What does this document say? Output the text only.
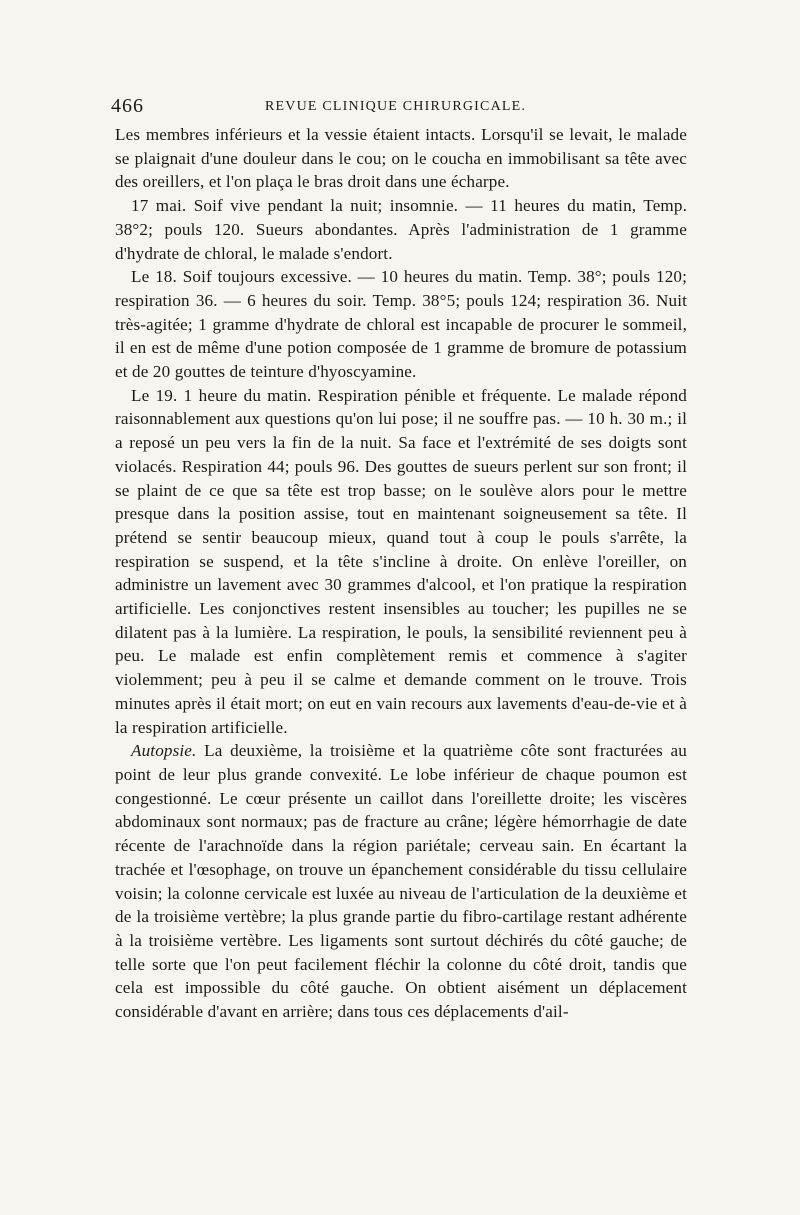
466	REVUE CLINIQUE CHIRURGICALE.

Les membres inférieurs et la vessie étaient intacts. Lorsqu'il se levait, le malade se plaignait d'une douleur dans le cou; on le coucha en immobilisant sa tête avec des oreillers, et l'on plaça le bras droit dans une écharpe.

17 mai. Soif vive pendant la nuit; insomnie. — 11 heures du matin, Temp. 38°2; pouls 120. Sueurs abondantes. Après l'administration de 1 gramme d'hydrate de chloral, le malade s'endort.

Le 18. Soif toujours excessive. — 10 heures du matin. Temp. 38°; pouls 120; respiration 36. — 6 heures du soir. Temp. 38°5; pouls 124; respiration 36. Nuit très-agitée; 1 gramme d'hydrate de chloral est incapable de procurer le sommeil, il en est de même d'une potion composée de 1 gramme de bromure de potassium et de 20 gouttes de teinture d'hyoscyamine.

Le 19. 1 heure du matin. Respiration pénible et fréquente. Le malade répond raisonnablement aux questions qu'on lui pose; il ne souffre pas. — 10 h. 30 m.; il a reposé un peu vers la fin de la nuit. Sa face et l'extrémité de ses doigts sont violacés. Respiration 44; pouls 96. Des gouttes de sueurs perlent sur son front; il se plaint de ce que sa tête est trop basse; on le soulève alors pour le mettre presque dans la position assise, tout en maintenant soigneusement sa tête. Il prétend se sentir beaucoup mieux, quand tout à coup le pouls s'arrête, la respiration se suspend, et la tête s'incline à droite. On enlève l'oreiller, on administre un lavement avec 30 grammes d'alcool, et l'on pratique la respiration artificielle. Les conjonctives restent insensibles au toucher; les pupilles ne se dilatent pas à la lumière. La respiration, le pouls, la sensibilité reviennent peu à peu. Le malade est enfin complètement remis et commence à s'agiter violemment; peu à peu il se calme et demande comment on le trouve. Trois minutes après il était mort; on eut en vain recours aux lavements d'eau-de-vie et à la respiration artificielle.

Autopsie. La deuxième, la troisième et la quatrième côte sont fracturées au point de leur plus grande convexité. Le lobe inférieur de chaque poumon est congestionné. Le cœur présente un caillot dans l'oreillette droite; les viscères abdominaux sont normaux; pas de fracture au crâne; légère hémorrhagie de date récente de l'arachnoïde dans la région pariétale; cerveau sain. En écartant la trachée et l'œsophage, on trouve un épanchement considérable du tissu cellulaire voisin; la colonne cervicale est luxée au niveau de l'articulation de la deuxième et de la troisième vertèbre; la plus grande partie du fibro-cartilage restant adhérente à la troisième vertèbre. Les ligaments sont surtout déchirés du côté gauche; de telle sorte que l'on peut facilement fléchir la colonne du côté droit, tandis que cela est impossible du côté gauche. On obtient aisément un déplacement considérable d'avant en arrière; dans tous ces déplacements d'ail-
